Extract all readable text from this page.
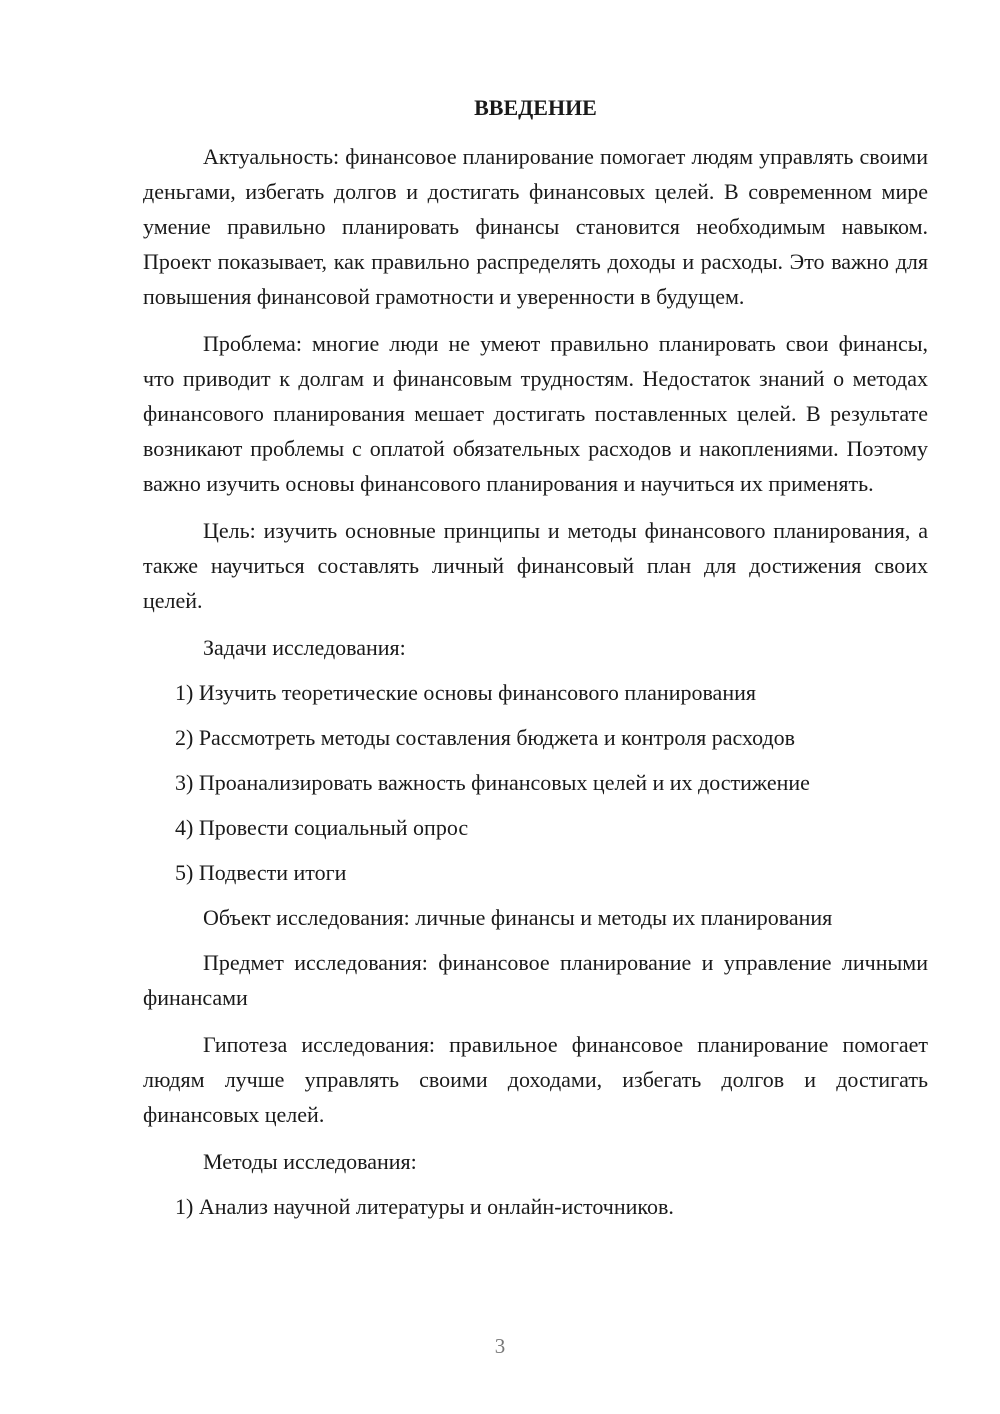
ВВЕДЕНИЕ

Актуальность: финансовое планирование помогает людям управлять своими деньгами, избегать долгов и достигать финансовых целей. В современном мире умение правильно планировать финансы становится необходимым навыком. Проект показывает, как правильно распределять доходы и расходы. Это важно для повышения финансовой грамотности и уверенности в будущем.

Проблема: многие люди не умеют правильно планировать свои финансы, что приводит к долгам и финансовым трудностям. Недостаток знаний о методах финансового планирования мешает достигать поставленных целей. В результате возникают проблемы с оплатой обязательных расходов и накоплениями. Поэтому важно изучить основы финансового планирования и научиться их применять.

Цель: изучить основные принципы и методы финансового планирования, а также научиться составлять личный финансовый план для достижения своих целей.

Задачи исследования:
1) Изучить теоретические основы финансового планирования
2) Рассмотреть методы составления бюджета и контроля расходов
3) Проанализировать важность финансовых целей и их достижение
4) Провести социальный опрос
5) Подвести итоги
Объект исследования: личные финансы и методы их планирования

Предмет исследования: финансовое планирование и управление личными финансами

Гипотеза исследования: правильное финансовое планирование помогает людям лучше управлять своими доходами, избегать долгов и достигать финансовых целей.

Методы исследования:
1) Анализ научной литературы и онлайн-источников.
3
